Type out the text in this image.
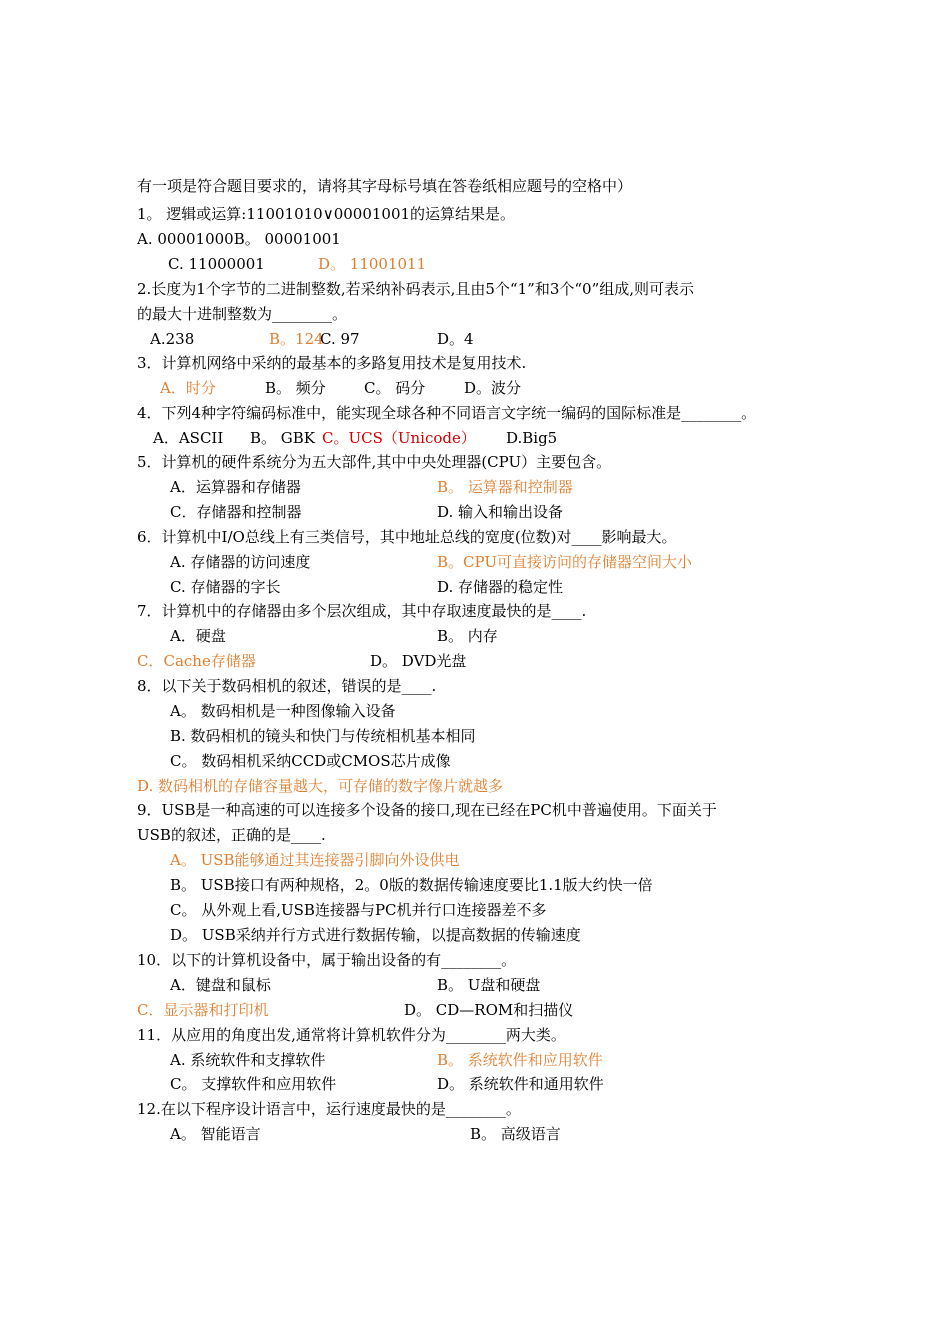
有一项是符合题目要求的，请将其字母标号填在答卷纸相应题号的空格中）
1。 逻辑或运算:11001010∨00001001的运算结果是。
A. 00001000B。 00001001
C. 11000001	D。 11001011
2.长度为1个字节的二进制整数,若采纳补码表示,且由5个“1”和3个“0”组成,则可表示
的最大十进制整数为________。
A.238	B。124
C. 97	D。4
3．计算机网络中采纳的最基本的多路复用技术是复用技术.
A．时分	B。 频分	C。 码分	D。波分
4．下列4种字符编码标准中，能实现全球各种不同语言文字统一编码的国际标准是________。
A．ASCII B。 GBK C。UCS（Unicode） D.Big5
5．计算机的硬件系统分为五大部件,其中中央处理器(CPU）主要包含。
A．运算器和存储器	B。 运算器和控制器
C．存储器和控制器	D. 输入和输出设备
6．计算机中I/O总线上有三类信号，其中地址总线的宽度(位数)对____影响最大。
A. 存储器的访问速度	B。CPU可直接访问的存储器空间大小
C. 存储器的字长	D. 存储器的稳定性
7．计算机中的存储器由多个层次组成，其中存取速度最快的是____.
A．硬盘	B。 内存
C．Cache存储器	D。 DVD光盘
8．以下关于数码相机的叙述，错误的是____.
A。 数码相机是一种图像输入设备
B. 数码相机的镜头和快门与传统相机基本相同
C。 数码相机采纳CCD或CMOS芯片成像
D. 数码相机的存储容量越大，可存储的数字像片就越多
9．USB是一种高速的可以连接多个设备的接口,现在已经在PC机中普遍使用。下面关于
USB的叙述，正确的是____.
A。 USB能够通过其连接器引脚向外设供电
B。 USB接口有两种规格，2。0版的数据传输速度要比1.1版大约快一倍
C。 从外观上看,USB连接器与PC机并行口连接器差不多
D。 USB采纳并行方式进行数据传输，以提高数据的传输速度
10．以下的计算机设备中，属于输出设备的有________。
A．键盘和鼠标	B。 U盘和硬盘
C．显示器和打印机	D。 CD—ROM和扫描仪
11．从应用的角度出发,通常将计算机软件分为________两大类。
A. 系统软件和支撑软件	B。 系统软件和应用软件
C。 支撑软件和应用软件	D。 系统软件和通用软件
12.在以下程序设计语言中，运行速度最快的是________。
A。 智能语言	B。 高级语言
